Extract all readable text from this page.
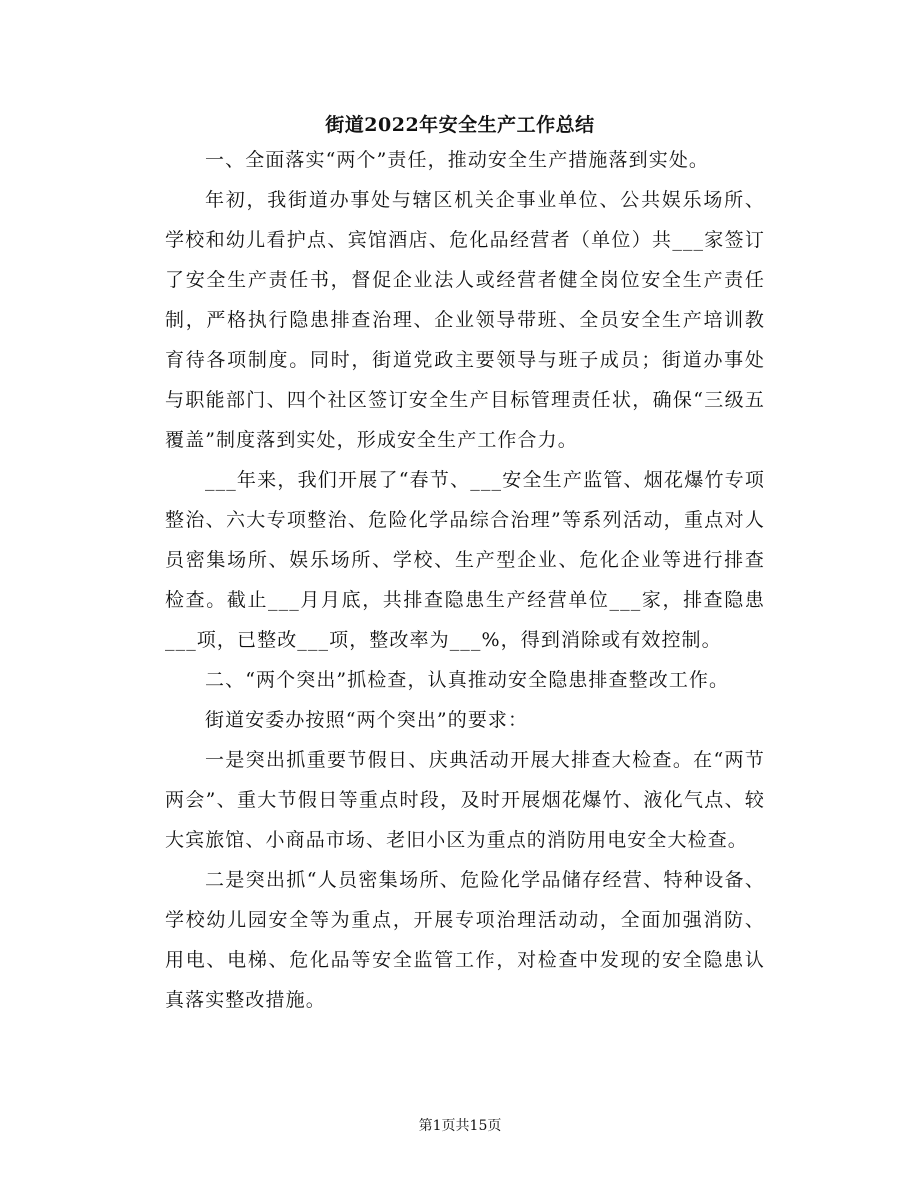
街道2022年安全生产工作总结

一、全面落实“两个”责任，推动安全生产措施落到实处。

年初，我街道办事处与辖区机关企事业单位、公共娱乐场所、学校和幼儿看护点、宾馆酒店、危化品经营者（单位）共___家签订了安全生产责任书，督促企业法人或经营者健全岗位安全生产责任制，严格执行隐患排查治理、企业领导带班、全员安全生产培训教育待各项制度。同时，街道党政主要领导与班子成员；街道办事处与职能部门、四个社区签订安全生产目标管理责任状，确保“三级五覆盖”制度落到实处，形成安全生产工作合力。

___年来，我们开展了“春节、___安全生产监管、烟花爆竹专项整治、六大专项整治、危险化学品综合治理”等系列活动，重点对人员密集场所、娱乐场所、学校、生产型企业、危化企业等进行排查检查。截止___月月底，共排查隐患生产经营单位___家，排查隐患___项，已整改___项，整改率为___%，得到消除或有效控制。

二、“两个突出”抓检查，认真推动安全隐患排查整改工作。

街道安委办按照“两个突出”的要求：

一是突出抓重要节假日、庆典活动开展大排查大检查。在“两节两会”、重大节假日等重点时段，及时开展烟花爆竹、液化气点、较大宾旅馆、小商品市场、老旧小区为重点的消防用电安全大检查。

二是突出抓“人员密集场所、危险化学品储存经营、特种设备、学校幼儿园安全等为重点，开展专项治理活动动，全面加强消防、用电、电梯、危化品等安全监管工作，对检查中发现的安全隐患认真落实整改措施。

第1页共15页
